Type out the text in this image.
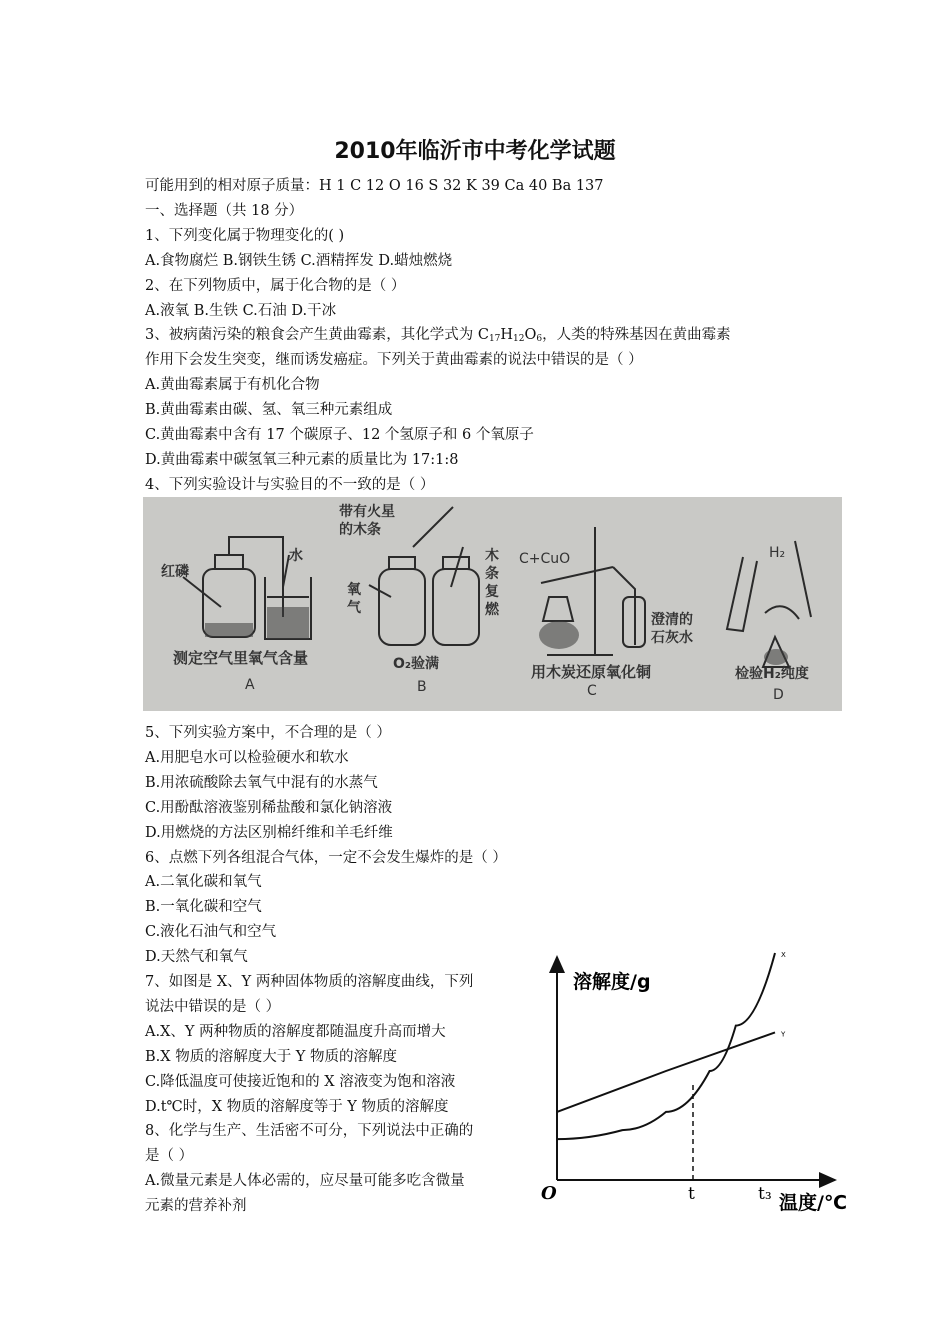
2010年临沂市中考化学试题
可能用到的相对原子质量：H 1 C 12 O 16 S 32 K 39 Ca 40 Ba 137
一、选择题（共 18 分）
1、下列变化属于物理变化的( )
A.食物腐烂 B.钢铁生锈 C.酒精挥发 D.蜡烛燃烧
2、在下列物质中，属于化合物的是（ ）
A.液氧 B.生铁 C.石油 D.干冰
作用下会发生突变，继而诱发癌症。下列关于黄曲霉素的说法中错误的是（ ）
A.黄曲霉素属于有机化合物
B.黄曲霉素由碳、氢、氧三种元素组成
C.黄曲霉素中含有 17 个碳原子、12 个氢原子和 6 个氧原子
D.黄曲霉素中碳氢氧三种元素的质量比为 17:1:8
4、下列实验设计与实验目的不一致的是（ ）
3、被病菌污染的粮食会产生黄曲霉素，其化学式为 $C_{17}H_{12}O_6$，人类的特殊基因在黄曲霉素
红磷
水
测定空气里氧气含量
A
带有火星
的木条
氧
气
木
条
复
燃
O₂验满
B
C+CuO
澄清的
石灰水
用木炭还原氧化铜
C
H₂
检验H₂纯度
D
5、下列实验方案中，不合理的是（ ）
A.用肥皂水可以检验硬水和软水
B.用浓硫酸除去氧气中混有的水蒸气
C.用酚酞溶液鉴别稀盐酸和氯化钠溶液
D.用燃烧的方法区别棉纤维和羊毛纤维
6、点燃下列各组混合气体，一定不会发生爆炸的是（ ）
A.二氧化碳和氧气
B.一氧化碳和空气
C.液化石油气和空气
D.天然气和氧气
7、如图是 X、Y 两种固体物质的溶解度曲线，下列
说法中错误的是（ ）
A.X、Y 两种物质的溶解度都随温度升高而增大
B.X 物质的溶解度大于 Y 物质的溶解度
C.降低温度可使接近饱和的 X 溶液变为饱和溶液
D.t℃时，X 物质的溶解度等于 Y 物质的溶解度
8、化学与生产、生活密不可分，下列说法中正确的
是（ ）
A.微量元素是人体必需的，应尽量可能多吃含微量
元素的营养补剂
溶解度/g
O	温度/℃
X
Y
t	t₃
